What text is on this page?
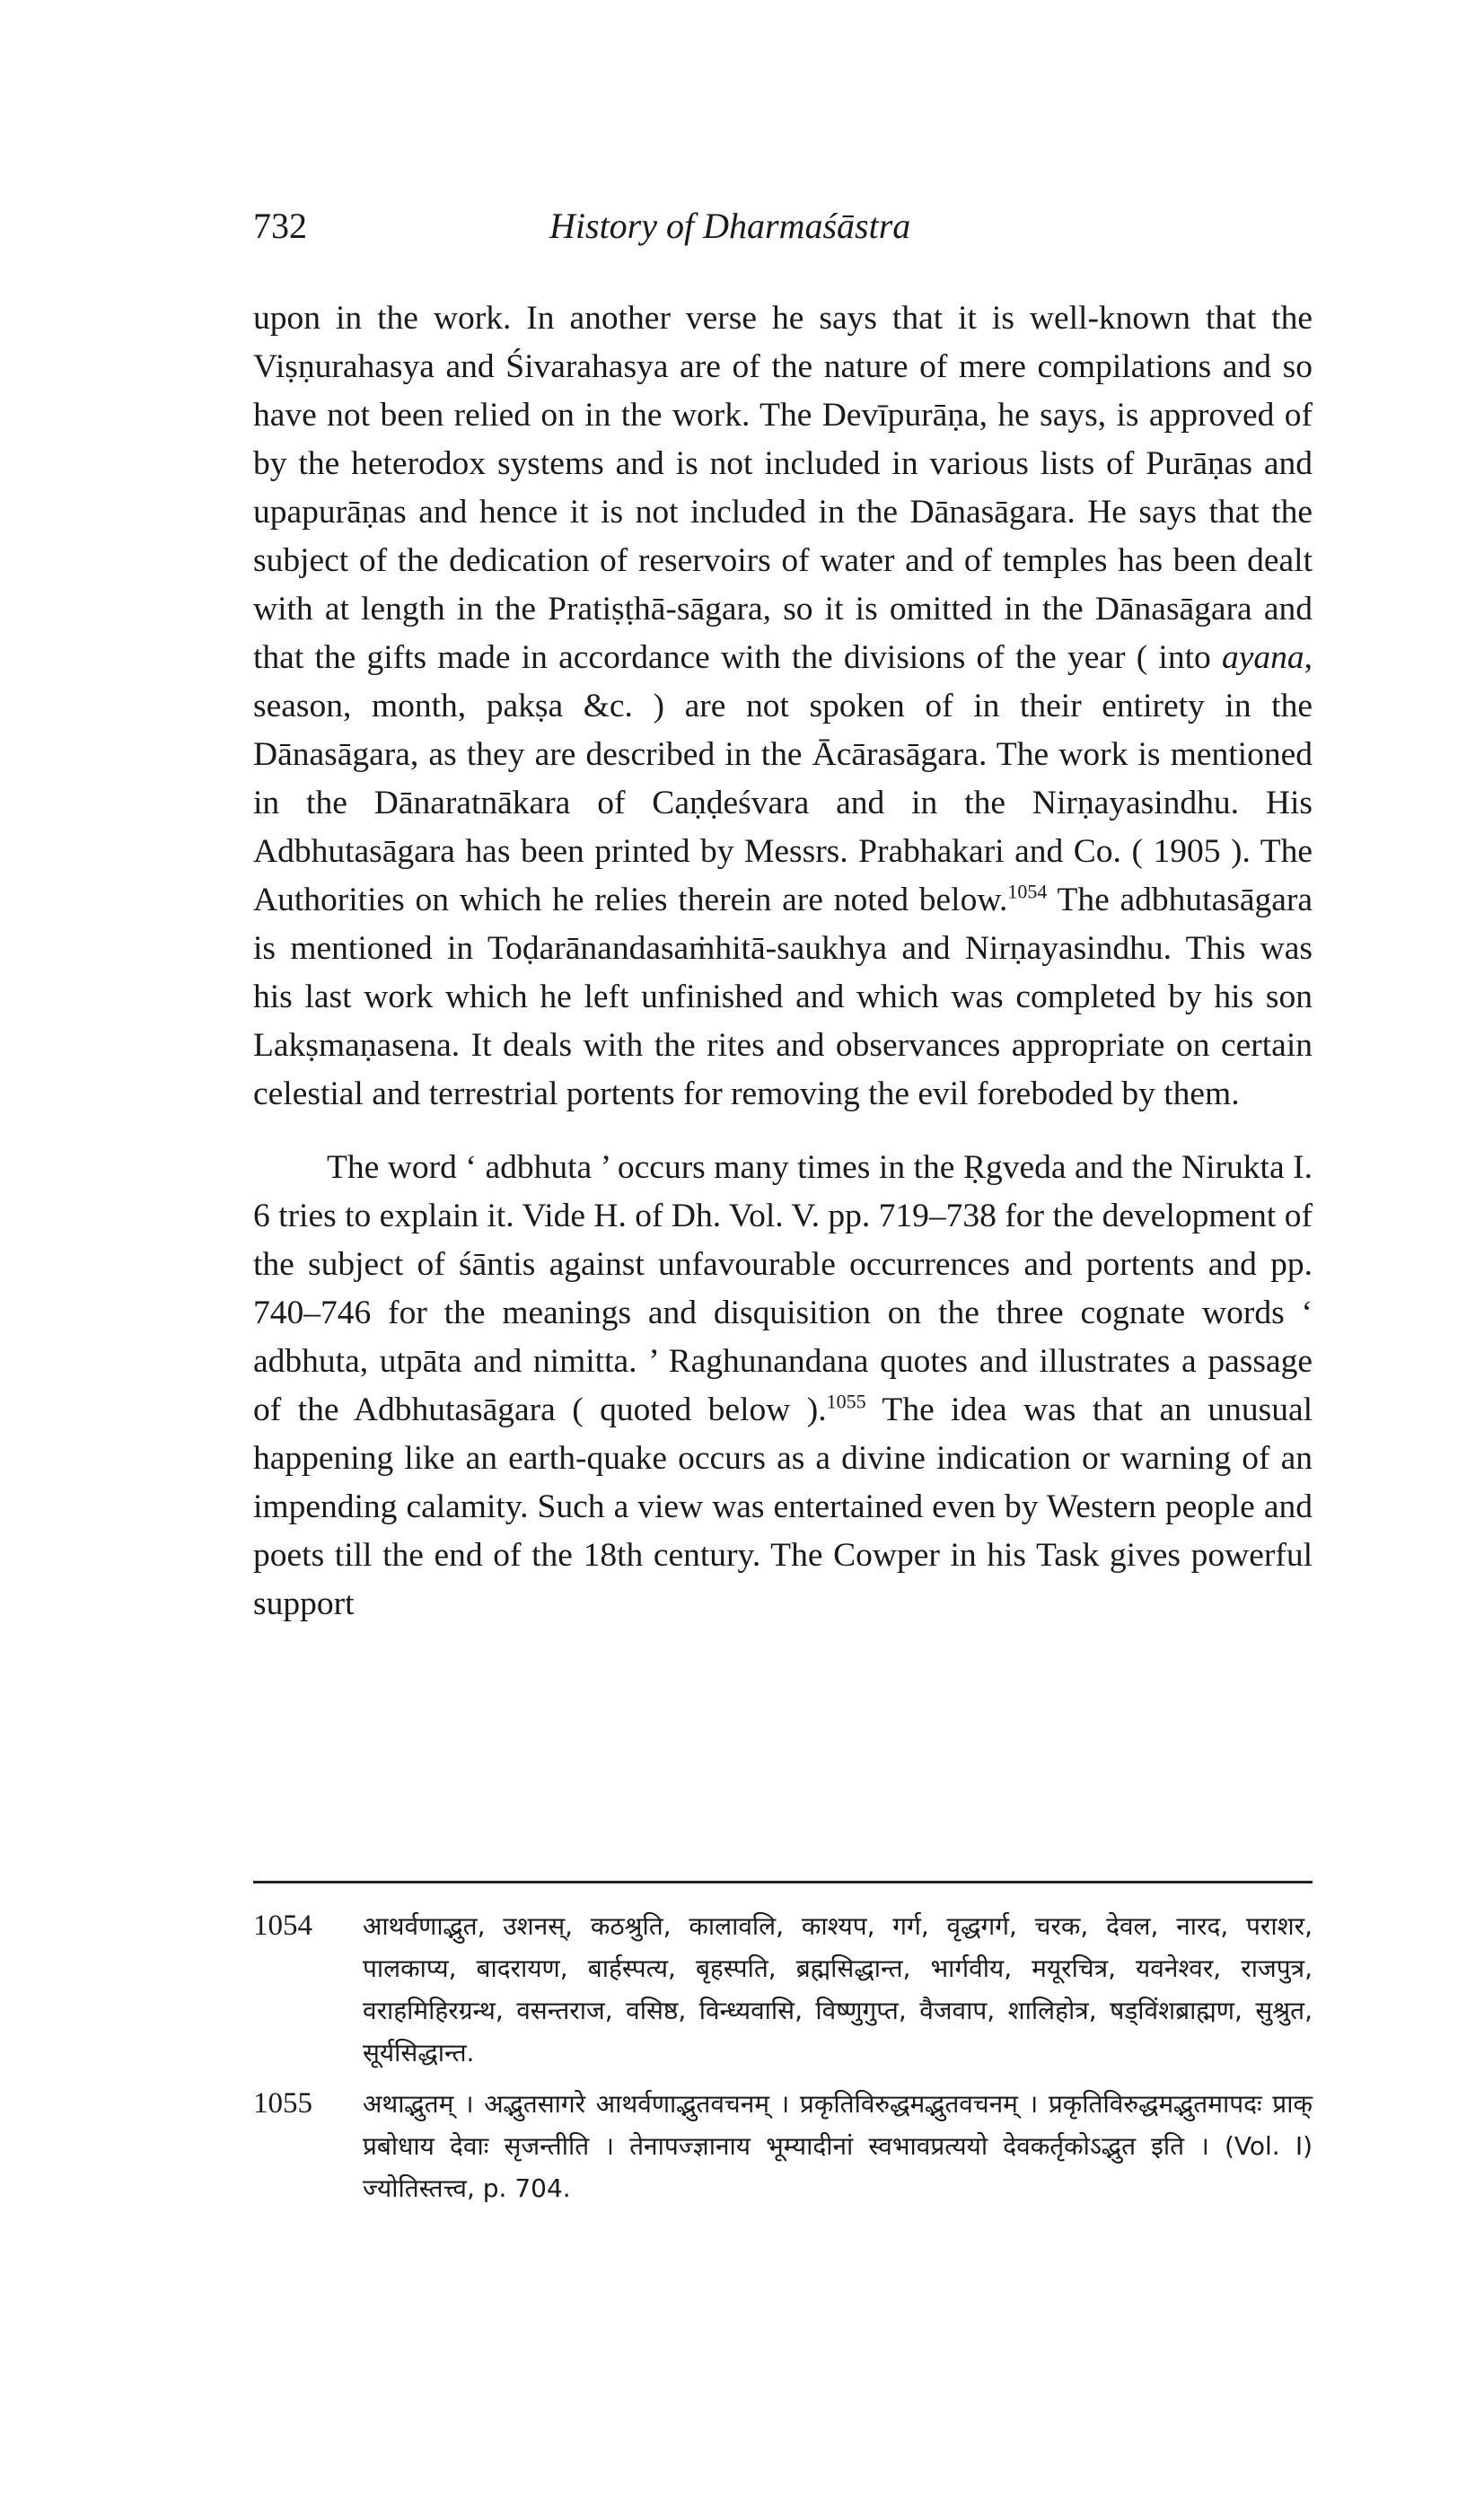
732	History of Dharmaśāstra

upon in the work. In another verse he says that it is well-known that the Viṣṇurahasya and Śivarahasya are of the nature of mere compilations and so have not been relied on in the work. The Devīpurāṇa, he says, is approved of by the heterodox systems and is not included in various lists of Purāṇas and upapurāṇas and hence it is not included in the Dānasāgara. He says that the subject of the dedication of reservoirs of water and of temples has been dealt with at length in the Pratiṣṭhā-sāgara, so it is omitted in the Dānasāgara and that the gifts made in accordance with the divisions of the year ( into ayana, season, month, pakṣa &c. ) are not spoken of in their entirety in the Dānasāgara, as they are described in the Ācārasāgara. The work is mentioned in the Dānaratnākara of Caṇḍeśvara and in the Nirṇayasindhu. His Adbhutasāgara has been printed by Messrs. Prabhakari and Co. ( 1905 ). The Authorities on which he relies therein are noted below.$^{1054}$ The adbhutasāgara is mentioned in Toḍarānandasaṁhitā-saukhya and Nirṇayasindhu. This was his last work which he left unfinished and which was completed by his son Lakṣmaṇasena. It deals with the rites and observances appropriate on certain celestial and terrestrial portents for removing the evil foreboded by them.

The word ‘ adbhuta ’ occurs many times in the Ṛgveda and the Nirukta I. 6 tries to explain it. Vide H. of Dh. Vol. V. pp. 719–738 for the development of the subject of śāntis against unfavourable occurrences and portents and pp. 740–746 for the meanings and disquisition on the three cognate words ‘ adbhuta, utpāta and nimitta. ’ Raghunandana quotes and illustrates a passage of the Adbhutasāgara ( quoted below ).$^{1055}$ The idea was that an unusual happening like an earth-quake occurs as a divine indication or warning of an impending calamity. Such a view was entertained even by Western people and poets till the end of the 18th century. The Cowper in his Task gives powerful support

1054 आथर्वणाद्भुत, उशनस्, कठश्रुति, कालावलि, काश्यप, गर्ग, वृद्धगर्ग, चरक, देवल, नारद, पराशर, पालकाप्य, बादरायण, बार्हस्पत्य, बृहस्पति, ब्रह्मसिद्धान्त, भार्गवीय, मयूरचित्र, यवनेश्वर, राजपुत्र, वराहमिहिरग्रन्थ, वसन्तराज, वसिष्ठ, विन्ध्यवासि, विष्णुगुप्त, वैजवाप, शालिहोत्र, षड्विंशब्राह्मण, सुश्रुत, सूर्यसिद्धान्त.
1055 अथाद्भुतम् । अद्भुतसागरे आथर्वणाद्भुतवचनम् । प्रकृतिविरुद्धमद्भुतवचनम् । प्रकृतिविरुद्धमद्भुतमापदः प्राक् प्रबोधाय देवाः सृजन्तीति । तेनापज्ज्ञानाय भूम्यादीनां स्वभावप्रत्ययो देवकर्तृकोऽद्भुत इति । (Vol. I) ज्योतिस्तत्त्व, p. 704.
